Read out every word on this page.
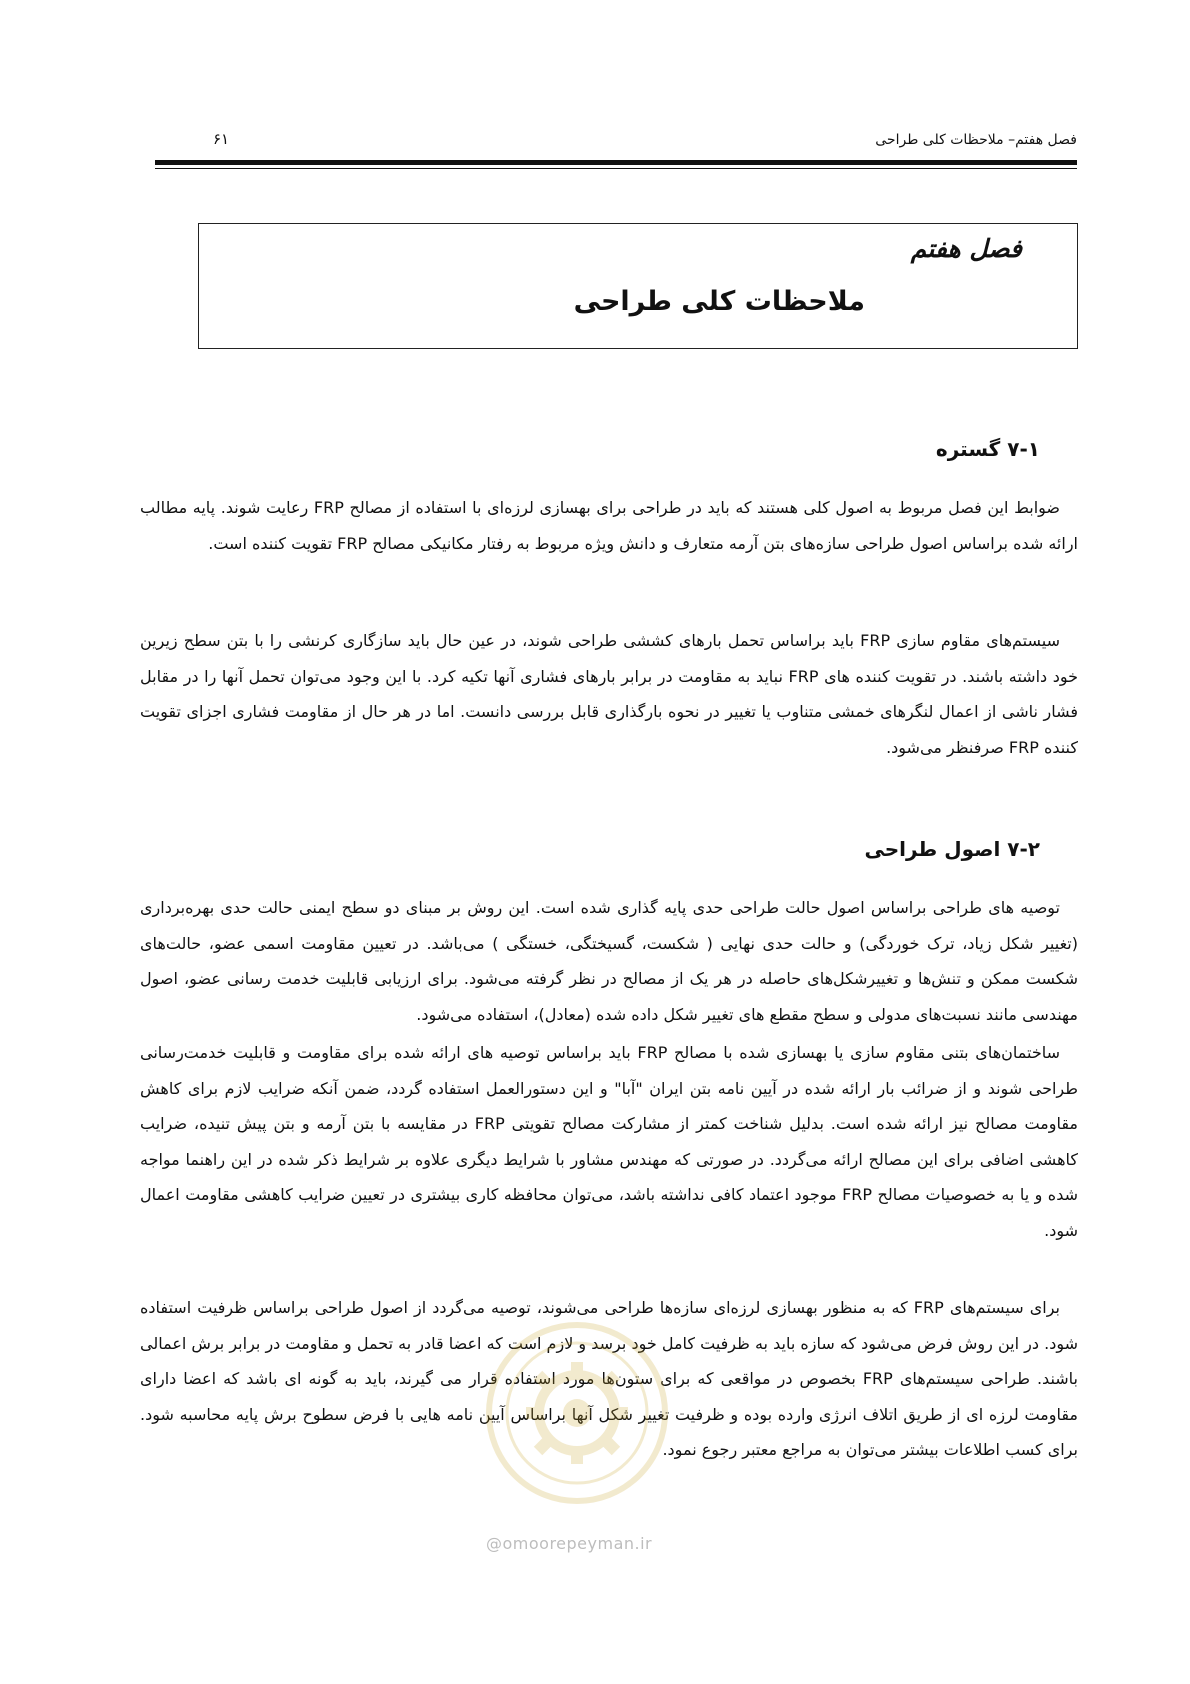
فصل هفتم– ملاحظات کلی طراحی
۶۱
فصل هفتم
ملاحظات کلی طراحی
۷-۱ گستره
ضوابط این فصل مربوط به اصول کلی هستند که باید در طراحی برای بهسازی لرزه‌ای با استفاده از مصالح FRP رعایت شوند. پایه مطالب ارائه شده براساس اصول طراحی سازه‌های بتن آرمه متعارف و دانش ویژه مربوط به رفتار مکانیکی مصالح FRP تقویت کننده است.
سیستم‌های مقاوم سازی FRP باید براساس تحمل بارهای کششی طراحی شوند، در عین حال باید سازگاری کرنشی را با بتن سطح زیرین خود داشته باشند. در تقویت کننده های FRP نباید به مقاومت در برابر بارهای فشاری آنها تکیه کرد. با این وجود می‌توان تحمل آنها را در مقابل فشار ناشی از اعمال لنگرهای خمشی متناوب یا تغییر در نحوه بارگذاری قابل بررسی دانست. اما در هر حال از مقاومت فشاری اجزای تقویت کننده FRP صرفنظر می‌شود.
۷-۲ اصول طراحی
توصیه های طراحی براساس اصول حالت طراحی حدی پایه گذاری شده است. این روش بر مبنای دو سطح ایمنی حالت حدی بهره‌برداری (تغییر شکل زیاد، ترک خوردگی) و حالت حدی نهایی ( شکست، گسیختگی، خستگی ) می‌باشد. در تعیین مقاومت اسمی عضو، حالت‌های شکست ممکن و تنش‌ها و تغییرشکل‌های حاصله در هر یک از مصالح در نظر گرفته می‌شود. برای ارزیابی قابلیت خدمت رسانی عضو، اصول مهندسی مانند نسبت‌های مدولی و سطح مقطع های تغییر شکل داده شده (معادل)، استفاده می‌شود.
ساختمان‌های بتنی مقاوم سازی یا بهسازی شده با مصالح FRP باید براساس توصیه های ارائه شده برای مقاومت و قابلیت خدمت‌رسانی طراحی شوند و از ضرائب بار ارائه شده در آیین نامه بتن ایران "آبا" و این دستورالعمل استفاده گردد، ضمن آنکه ضرایب لازم برای کاهش مقاومت مصالح نیز ارائه شده است. بدلیل شناخت کمتر از مشارکت مصالح تقویتی FRP در مقایسه با بتن آرمه و بتن پیش تنیده، ضرایب کاهشی اضافی برای این مصالح ارائه می‌گردد. در صورتی که مهندس مشاور با شرایط دیگری علاوه بر شرایط ذکر شده در این راهنما مواجه شده و یا به خصوصیات مصالح FRP موجود اعتماد کافی نداشته باشد، می‌توان محافظه کاری بیشتری در تعیین ضرایب کاهشی مقاومت اعمال شود.
برای سیستم‌های FRP که به منظور بهسازی لرزه‌ای سازه‌ها طراحی می‌شوند، توصیه می‌گردد از اصول طراحی براساس ظرفیت استفاده شود. در این روش فرض می‌شود که سازه باید به ظرفیت کامل خود برسد و لازم است که اعضا قادر به تحمل و مقاومت در برابر برش اعمالی باشند. طراحی سیستم‌های FRP بخصوص در مواقعی که برای ستون‌ها مورد استفاده قرار می گیرند، باید به گونه ای باشد که اعضا دارای مقاومت لرزه ای از طریق اتلاف انرژی وارده بوده و ظرفیت تغییر شکل آنها براساس آیین نامه هایی با فرض سطوح برش پایه محاسبه شود. برای کسب اطلاعات بیشتر می‌توان به مراجع معتبر رجوع نمود.
@omoorepeyman.ir
